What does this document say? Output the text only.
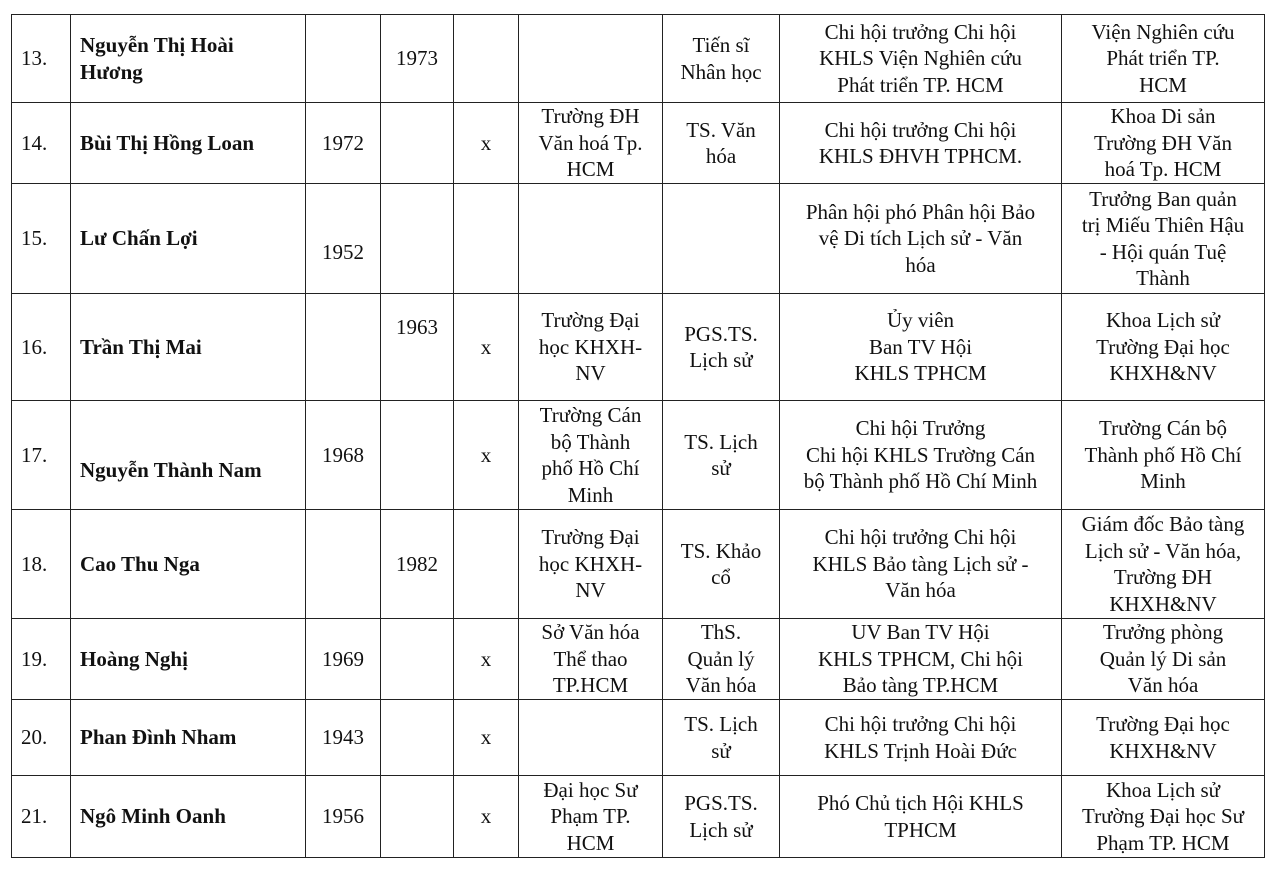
13.	Nguyễn Thị Hoài
Hương		1973			Tiến sĩ
Nhân học	Chi hội trưởng Chi hội
KHLS Viện Nghiên cứu
Phát triển TP. HCM	Viện Nghiên cứu
Phát triển TP.
HCM

14.	Bùi Thị Hồng Loan	1972		x	Trường ĐH
Văn hoá Tp.
HCM	TS. Văn
hóa	Chi hội trưởng Chi hội
KHLS ĐHVH TPHCM.	Khoa Di sản
Trường ĐH Văn
hoá Tp. HCM

15.	Lư Chấn Lợi	1952					Phân hội phó Phân hội Bảo
vệ Di tích Lịch sử - Văn
hóa	Trưởng Ban quản
trị Miếu Thiên Hậu
- Hội quán Tuệ
Thành

16.	Trần Thị Mai		1963	x	Trường Đại
học KHXH-
NV	PGS.TS.
Lịch sử	Ủy viên
Ban TV Hội
KHLS TPHCM	Khoa Lịch sử
Trường Đại học
KHXH&NV

17.	Nguyễn Thành Nam	1968		x	Trường Cán
bộ Thành
phố Hồ Chí
Minh	TS. Lịch
sử	Chi hội Trưởng
Chi hội KHLS Trường Cán
bộ Thành phố Hồ Chí Minh	Trường Cán bộ
Thành phố Hồ Chí
Minh

18.	Cao Thu Nga		1982		Trường Đại
học KHXH-
NV	TS. Khảo
cổ	Chi hội trưởng Chi hội
KHLS Bảo tàng Lịch sử -
Văn hóa	Giám đốc Bảo tàng
Lịch sử - Văn hóa,
Trường ĐH
KHXH&NV

19.	Hoàng Nghị	1969		x	Sở Văn hóa
Thể thao
TP.HCM	ThS.
Quản lý
Văn hóa	UV Ban TV Hội
KHLS TPHCM, Chi hội
Bảo tàng TP.HCM	Trưởng phòng
Quản lý Di sản
Văn hóa

20.	Phan Đình Nham	1943		x		TS. Lịch
sử	Chi hội trưởng Chi hội
KHLS Trịnh Hoài Đức	Trường Đại học
KHXH&NV

21.	Ngô Minh Oanh	1956		x	Đại học Sư
Phạm TP.
HCM	PGS.TS.
Lịch sử	Phó Chủ tịch Hội KHLS
TPHCM	Khoa Lịch sử
Trường Đại học Sư
Phạm TP. HCM
